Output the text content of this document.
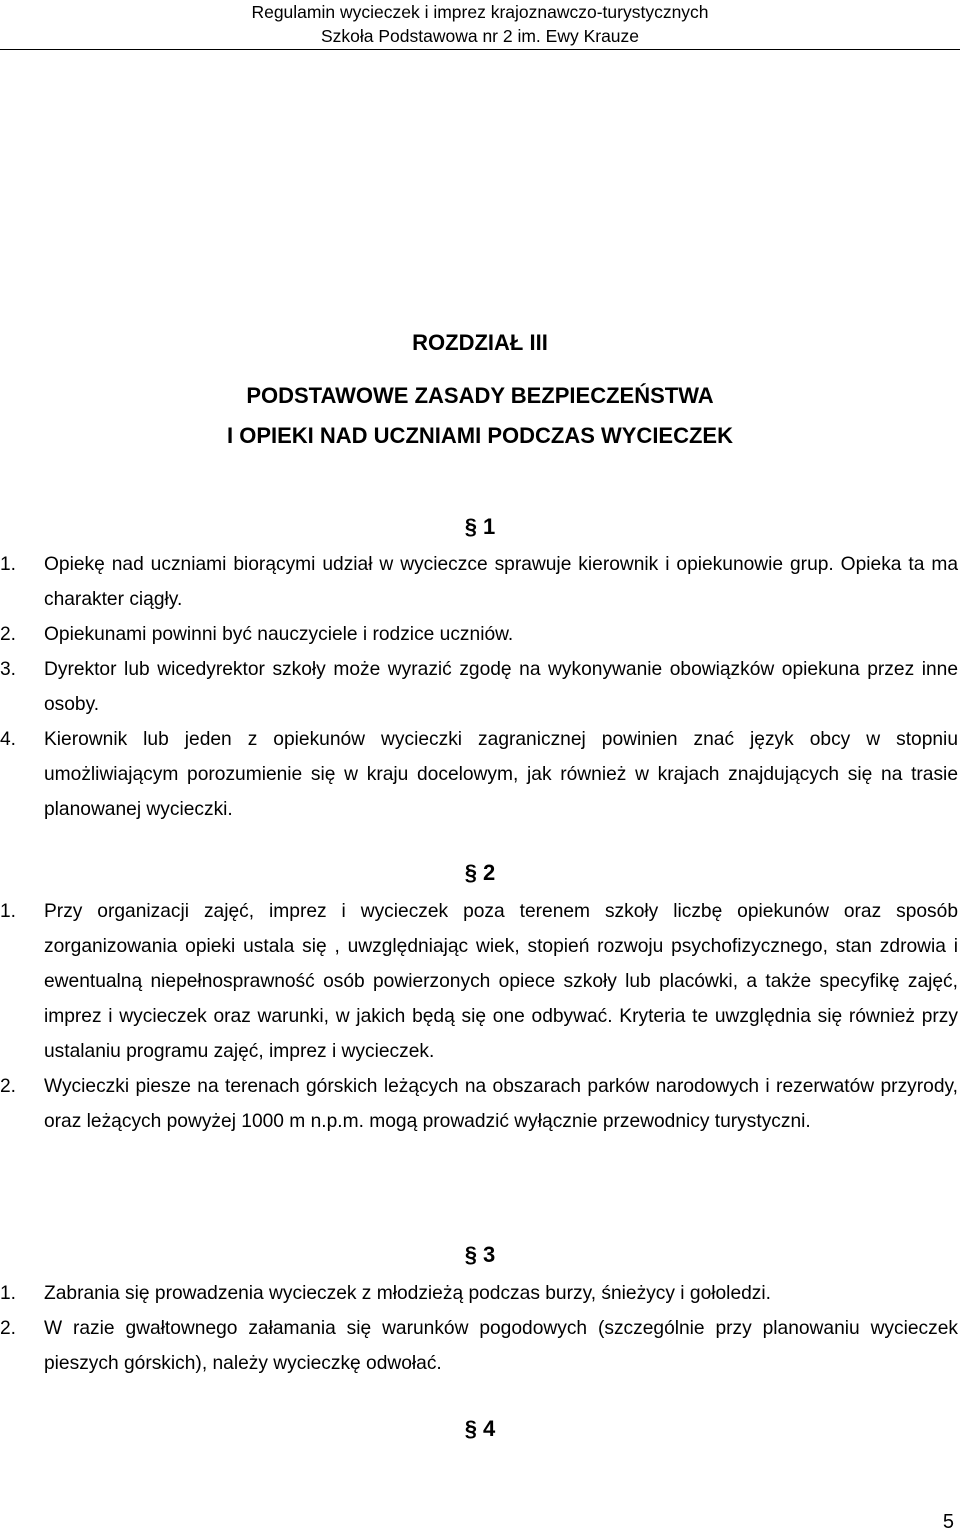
Regulamin wycieczek i imprez krajoznawczo-turystycznych
Szkoła Podstawowa nr 2 im. Ewy Krauze
ROZDZIAŁ III
PODSTAWOWE ZASADY BEZPIECZEŃSTWA
I OPIEKI NAD UCZNIAMI PODCZAS WYCIECZEK
§ 1
1.	Opiekę nad uczniami biorącymi udział w wycieczce sprawuje kierownik i opiekunowie grup. Opieka ta ma charakter ciągły.
2.	Opiekunami powinni być nauczyciele i rodzice uczniów.
3.	Dyrektor lub wicedyrektor szkoły może wyrazić zgodę na wykonywanie obowiązków opiekuna przez inne osoby.
4.	Kierownik lub jeden z opiekunów wycieczki zagranicznej powinien znać język obcy w stopniu umożliwiającym porozumienie się w kraju docelowym, jak również w krajach znajdujących się na trasie planowanej wycieczki.
§ 2
1.	Przy organizacji zajęć, imprez i wycieczek poza terenem szkoły liczbę opiekunów oraz sposób zorganizowania opieki ustala się , uwzględniając wiek, stopień rozwoju psychofizycznego, stan zdrowia i ewentualną niepełnosprawność osób powierzonych opiece szkoły lub placówki, a także specyfikę zajęć, imprez i wycieczek oraz warunki, w jakich będą się one odbywać. Kryteria te uwzględnia się również przy ustalaniu programu zajęć, imprez i wycieczek.
2.	Wycieczki piesze na terenach górskich leżących na obszarach parków narodowych i rezerwatów przyrody, oraz leżących powyżej 1000 m n.p.m. mogą prowadzić wyłącznie przewodnicy turystyczni.
§ 3
1.	Zabrania się prowadzenia wycieczek z młodzieżą podczas burzy, śnieżycy i gołoledzi.
2.	W razie gwałtownego załamania się warunków pogodowych (szczególnie przy planowaniu wycieczek pieszych górskich), należy wycieczkę odwołać.
§ 4
5
